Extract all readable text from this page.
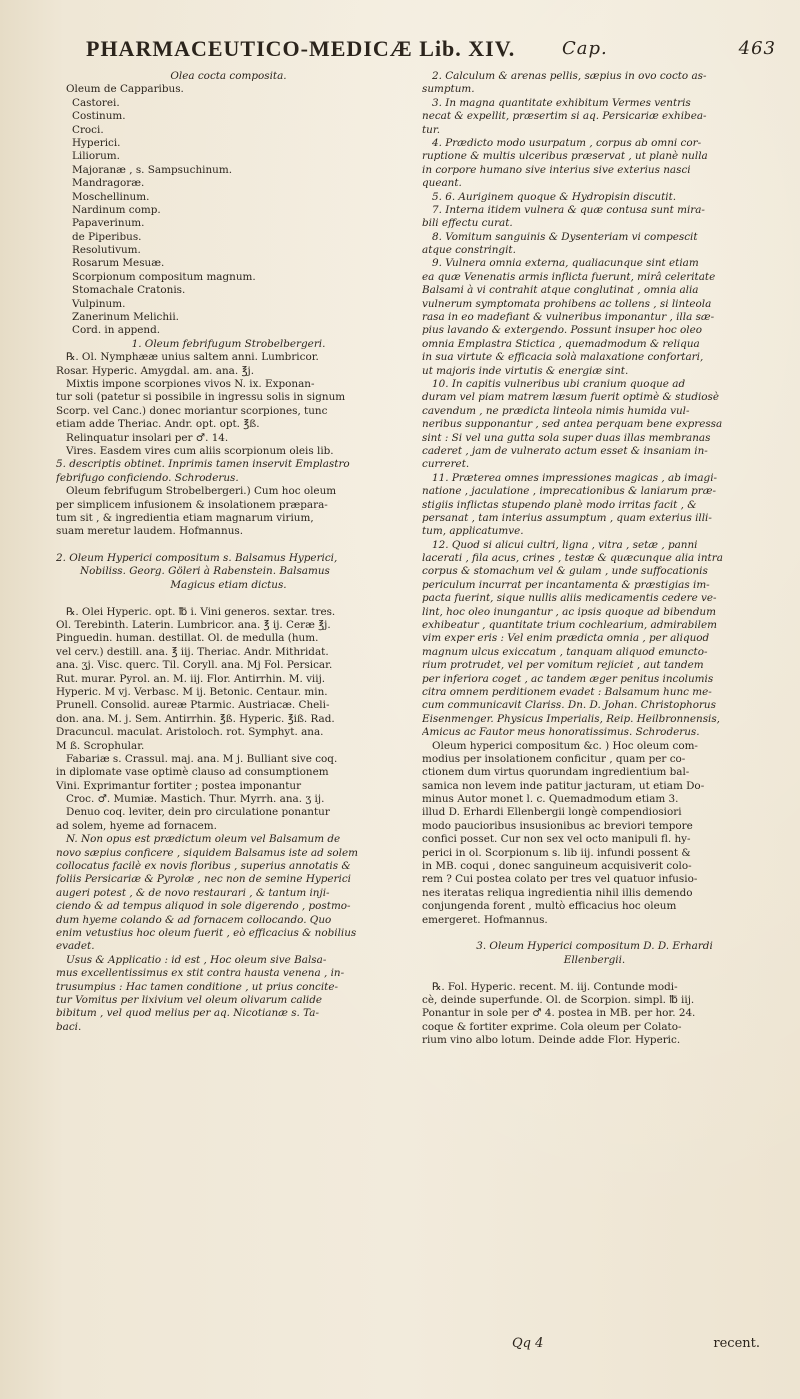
PHARMACEUTICO-MEDICÆ Lib. XIV.	Cap.	463
Olea cocta composita.
Oleum de Capparibus.
Castorei.
Costinum.
Croci.
Hyperici.
Liliorum.
Majoranæ , s. Sampsuchinum.
Mandragoræ.
Moschellinum.
Nardinum comp.
Papaverinum.
de Piperibus.
Resolutivum.
Rosarum Mesuæ.
Scorpionum compositum magnum.
Stomachale Cratonis.
Vulpinum.
Zanerinum Melichii.
Cord. in append.
1. Oleum febrifugum Strobelbergeri.
℞. Ol. Nymphææ unius saltem anni. Lumbricor.
Rosar. Hyperic. Amygdal. am. ana. ℥j.
Mixtis impone scorpiones vivos N. ix. Exponan-
tur soli (patetur si possibile in ingressu solis in signum
Scorp. vel Canc.) donec moriantur scorpiones, tunc
etiam adde Theriac. Andr. opt. opt. ℥ß.
Relinquatur insolari per ♂. 14.
Vires. Easdem vires cum aliis scorpionum oleis lib.
5. descriptis obtinet. Inprimis tamen inservit Emplastro
febrifugo conficiendo. Schroderus.
Oleum febrifugum Strobelbergeri.) Cum hoc oleum
per simplicem infusionem & insolationem præpara-
tum sit , & ingredientia etiam magnarum virium,
suam meretur laudem. Hofmannus.
2. Oleum Hyperici compositum s. Balsamus Hyperici,
Nobiliss. Georg. Göleri à Rabenstein. Balsamus
Magicus etiam dictus.
℞. Olei Hyperic. opt. ℔ i. Vini generos. sextar. tres.
Ol. Terebinth. Laterin. Lumbricor. ana. ℥ ij. Ceræ ℥j.
Pinguedin. human. destillat. Ol. de medulla (hum.
vel cerv.) destill. ana. ℥ iij. Theriac. Andr. Mithridat.
ana. ʒj. Visc. querc. Til. Coryll. ana. Mj Fol. Persicar.
Rut. murar. Pyrol. an. M. iij. Flor. Antirrhin. M. viij.
Hyperic. M vj. Verbasc. M ij. Betonic. Centaur. min.
Prunell. Consolid. aureæ Ptarmic. Austriacæ. Cheli-
don. ana. M. j. Sem. Antirrhin. ℥ß. Hyperic. ℥iß. Rad.
Dracuncul. maculat. Aristoloch. rot. Symphyt. ana.
M ß. Scrophular.
Fabariæ s. Crassul. maj. ana. M j. Bulliant sive coq.
in diplomate vase optimè clauso ad consumptionem
Vini. Exprimantur fortiter ; postea imponantur
Croc. ♂. Mumiæ. Mastich. Thur. Myrrh. ana. ʒ ij.
Denuo coq. leviter, dein pro circulatione ponantur
ad solem, hyeme ad fornacem.
N. Non opus est prædictum oleum vel Balsamum de
novo sæpius conficere , siquidem Balsamus iste ad solem
collocatus facilè ex novis floribus , superius annotatis &
foliis Persicariæ & Pyrolæ , nec non de semine Hyperici
augeri potest , & de novo restaurari , & tantum inji-
ciendo & ad tempus aliquod in sole digerendo , postmo-
dum hyeme colando & ad fornacem collocando. Quo
enim vetustius hoc oleum fuerit , eò efficacius & nobilius
evadet.
Usus & Applicatio : id est , Hoc oleum sive Balsa-
mus excellentissimus ex stit contra hausta venena , in-
trusumpius : Hac tamen conditione , ut prius concite-
tur Vomitus per lixivium vel oleum olivarum calide
bibitum , vel quod melius per aq. Nicotianæ s. Ta-
baci.
2. Calculum & arenas pellis, sæpius in ovo cocto as-
sumptum.
3. In magna quantitate exhibitum Vermes ventris
necat & expellit, præsertim si aq. Persicariæ exhibea-
tur.
4. Prædicto modo usurpatum , corpus ab omni cor-
ruptione & multis ulceribus præservat , ut planè nulla
in corpore humano sive interius sive exterius nasci
queant.
5. 6. Auriginem quoque & Hydropisin discutit.
7. Interna itidem vulnera & quæ contusa sunt mira-
bili effectu curat.
8. Vomitum sanguinis & Dysenteriam vi compescit
atque constringit.
9. Vulnera omnia externa, qualiacunque sint etiam
ea quæ Venenatis armis inflicta fuerunt, mirâ celeritate
Balsami à vi contrahit atque conglutinat , omnia alia
vulnerum symptomata prohibens ac tollens , si linteola
rasa in eo madefiant & vulneribus imponantur , illa sæ-
pius lavando & extergendo. Possunt insuper hoc oleo
omnia Emplastra Stictica , quemadmodum & reliqua
in sua virtute & efficacia solà malaxatione confortari,
ut majoris inde virtutis & energiæ sint.
10. In capitis vulneribus ubi cranium quoque ad
duram vel piam matrem læsum fuerit optimè & studiosè
cavendum , ne prædicta linteola nimis humida vul-
neribus supponantur , sed antea perquam bene expressa
sint : Si vel una gutta sola super duas illas membranas
caderet , jam de vulnerato actum esset & insaniam in-
curreret.
11. Præterea omnes impressiones magicas , ab imagi-
natione , jaculatione , imprecationibus & laniarum præ-
stigiis inflictas stupendo planè modo irritas facit , &
persanat , tam interius assumptum , quam exterius illi-
tum, applicatumve.
12. Quod si alicui cultri, ligna , vitra , setæ , panni
lacerati , fila acus, crines , testæ & quæcunque alia intra
corpus & stomachum vel & gulam , unde suffocationis
periculum incurrat per incantamenta & præstigias im-
pacta fuerint, sique nullis aliis medicamentis cedere ve-
lint, hoc oleo inungantur , ac ipsis quoque ad bibendum
exhibeatur , quantitate trium cochlearium, admirabilem
vim exper eris : Vel enim prædicta omnia , per aliquod
magnum ulcus exiccatum , tanquam aliquod emuncto-
rium protrudet, vel per vomitum rejiciet , aut tandem
per inferiora coget , ac tandem æger penitus incolumis
citra omnem perditionem evadet : Balsamum hunc me-
cum communicavit Clariss. Dn. D. Johan. Christophorus
Eisenmenger. Physicus Imperialis, Reip. Heilbronnensis,
Amicus ac Fautor meus honoratissimus. Schroderus.
Oleum hyperici compositum &c. ) Hoc oleum com-
modius per insolationem conficitur , quam per co-
ctionem dum virtus quorundam ingredientium bal-
samica non levem inde patitur jacturam, ut etiam Do-
minus Autor monet l. c. Quemadmodum etiam 3.
illud D. Erhardi Ellenbergii longè compendiosiori
modo paucioribus insusionibus ac breviori tempore
confici posset. Cur non sex vel octo manipuli fl. hy-
perici in ol. Scorpionum s. lib iij. infundi possent &
in MB. coqui , donec sanguineum acquisiverit colo-
rem ? Cui postea colato per tres vel quatuor infusio-
nes iteratas reliqua ingredientia nihil illis demendo
conjungenda forent , multò efficacius hoc oleum
emergeret. Hofmannus.
3. Oleum Hyperici compositum D. D. Erhardi
Ellenbergii.
℞. Fol. Hyperic. recent. M. iij. Contunde modi-
cè, deinde superfunde. Ol. de Scorpion. simpl. ℔ iij.
Ponantur in sole per ♂ 4. postea in MB. per hor. 24.
coque & fortiter exprime. Cola oleum per Colato-
rium vino albo lotum. Deinde adde Flor. Hyperic.
Qq 4	recent.
